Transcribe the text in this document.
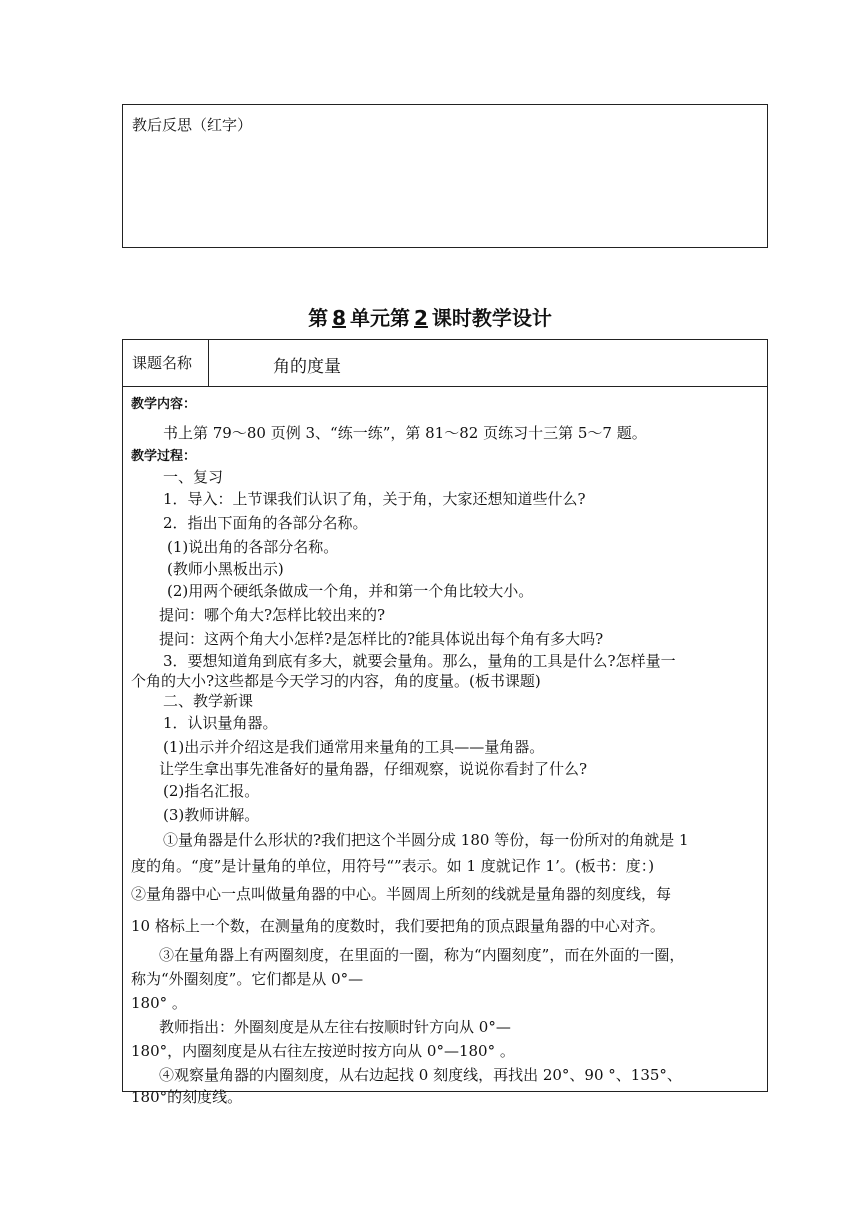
教后反思（红字）
第 8 单元第 2 课时教学设计
课题名称	角的度量
教学内容：
书上第 79～80 页例 3、“练一练”，第 81～82 页练习十三第 5～7 题。
教学过程：
一、复习
1．导入：上节课我们认识了角，关于角，大家还想知道些什么?
2．指出下面角的各部分名称。
(1)说出角的各部分名称。
(教师小黑板出示)
(2)用两个硬纸条做成一个角，并和第一个角比较大小。
提问：哪个角大?怎样比较出来的?
提问：这两个角大小怎样?是怎样比的?能具体说出每个角有多大吗?
3．要想知道角到底有多大，就要会量角。那么，量角的工具是什么?怎样量一
个角的大小?这些都是今天学习的内容，角的度量。(板书课题)
二、教学新课
1．认识量角器。
(1)出示并介绍这是我们通常用来量角的工具——量角器。
让学生拿出事先准备好的量角器，仔细观察，说说你看封了什么?
(2)指名汇报。
(3)教师讲解。
①量角器是什么形状的?我们把这个半圆分成 180 等份，每一份所对的角就是 1
度的角。“度”是计量角的单位，用符号“”表示。如 1 度就记作 1’。(板书：度：)
②量角器中心一点叫做量角器的中心。半圆周上所刻的线就是量角器的刻度线，每
10 格标上一个数，在测量角的度数时，我们要把角的顶点跟量角器的中心对齐。
③在量角器上有两圈刻度，在里面的一圈，称为“内圈刻度”，而在外面的一圈，
称为“外圈刻度”。它们都是从 0°—
180° 。
教师指出：外圈刻度是从左往右按顺时针方向从 0°—
180°，内圈刻度是从右往左按逆时按方向从 0°—180° 。
④观察量角器的内圈刻度，从右边起找 0 刻度线，再找出 20°、90 °、135°、
180°的刻度线。
